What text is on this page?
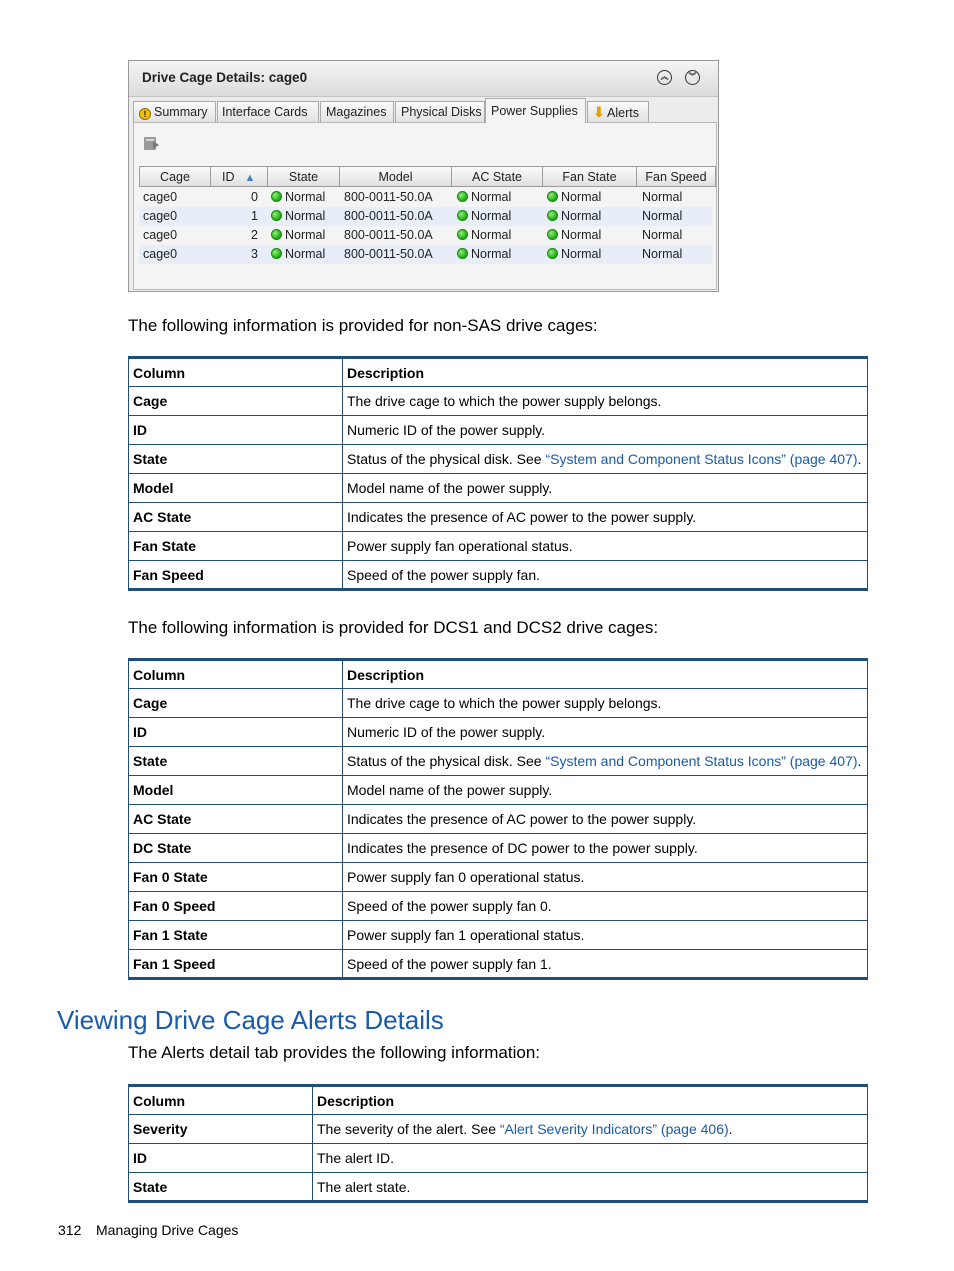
Drive Cage Details: cage0	︽	︾
! Summary	Interface Cards	Magazines	Physical Disks Power Supplies	⬇ Alerts
Cage	ID ▲	State	Model	AC State	Fan State	Fan Speed
cage0	0	Normal 800-0011-50.0A	Normal	Normal	Normal
cage0	1	Normal 800-0011-50.0A	Normal	Normal	Normal
cage0	2	Normal 800-0011-50.0A	Normal	Normal	Normal
cage0	3	Normal 800-0011-50.0A	Normal	Normal	Normal
The following information is provided for non-SAS drive cages:
Column	Description
Cage	The drive cage to which the power supply belongs.
ID	Numeric ID of the power supply.
State	Status of the physical disk. See “System and Component Status Icons” (page 407).
Model	Model name of the power supply.
AC State	Indicates the presence of AC power to the power supply.
Fan State	Power supply fan operational status.
Fan Speed	Speed of the power supply fan.
The following information is provided for DCS1 and DCS2 drive cages:
Column	Description
Cage	The drive cage to which the power supply belongs.
ID	Numeric ID of the power supply.
State	Status of the physical disk. See “System and Component Status Icons” (page 407).
Model	Model name of the power supply.
AC State	Indicates the presence of AC power to the power supply.
DC State	Indicates the presence of DC power to the power supply.
Fan 0 State	Power supply fan 0 operational status.
Fan 0 Speed	Speed of the power supply fan 0.
Fan 1 State	Power supply fan 1 operational status.
Fan 1 Speed	Speed of the power supply fan 1.
Viewing Drive Cage Alerts Details
The Alerts detail tab provides the following information:
Column	Description
Severity	The severity of the alert. See “Alert Severity Indicators” (page 406).
ID	The alert ID.
State	The alert state.
312 Managing Drive Cages
